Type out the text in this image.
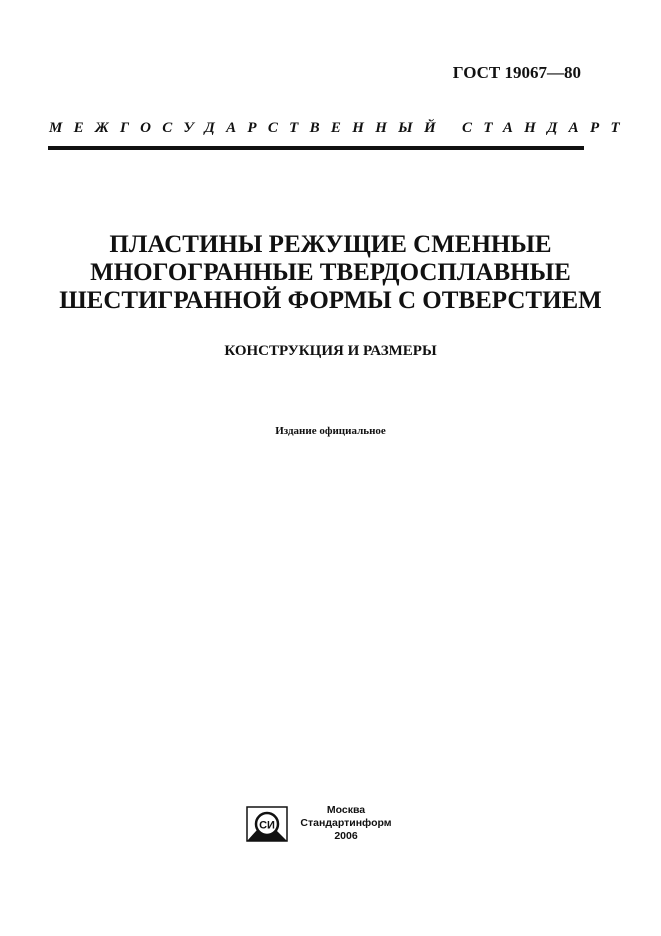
ГОСТ 19067—80
МЕЖГОСУДАРСТВЕННЫЙ СТАНДАРТ
ПЛАСТИНЫ РЕЖУЩИЕ СМЕННЫЕ
МНОГОГРАННЫЕ ТВЕРДОСПЛАВНЫЕ
ШЕСТИГРАННОЙ ФОРМЫ С ОТВЕРСТИЕМ
КОНСТРУКЦИЯ И РАЗМЕРЫ
Издание официальное
СИ
Москва
Стандартинформ
2006
